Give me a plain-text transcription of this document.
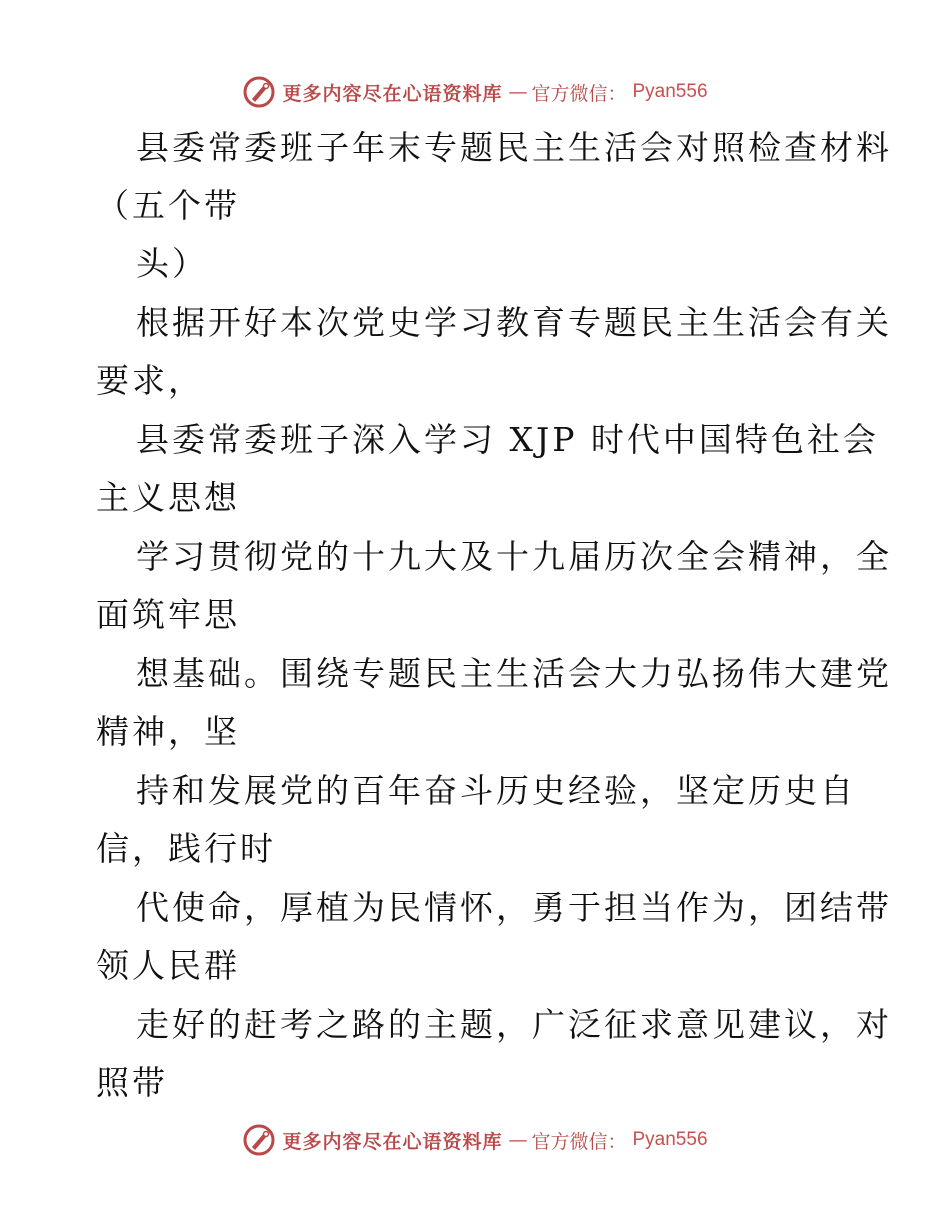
更多内容尽在心语资料库 — 官方微信： Pyan556
县委常委班子年末专题民主生活会对照检查材料
（五个带
头）
根据开好本次党史学习教育专题民主生活会有关
要求，
县委常委班子深入学习 XJP 时代中国特色社会
主义思想
学习贯彻党的十九大及十九届历次全会精神，全
面筑牢思
想基础。围绕专题民主生活会大力弘扬伟大建党
精神，坚
持和发展党的百年奋斗历史经验，坚定历史自
信，践行时
代使命，厚植为民情怀，勇于担当作为，团结带
领人民群
走好的赶考之路的主题，广泛征求意见建议，对
照带
更多内容尽在心语资料库 — 官方微信： Pyan556
